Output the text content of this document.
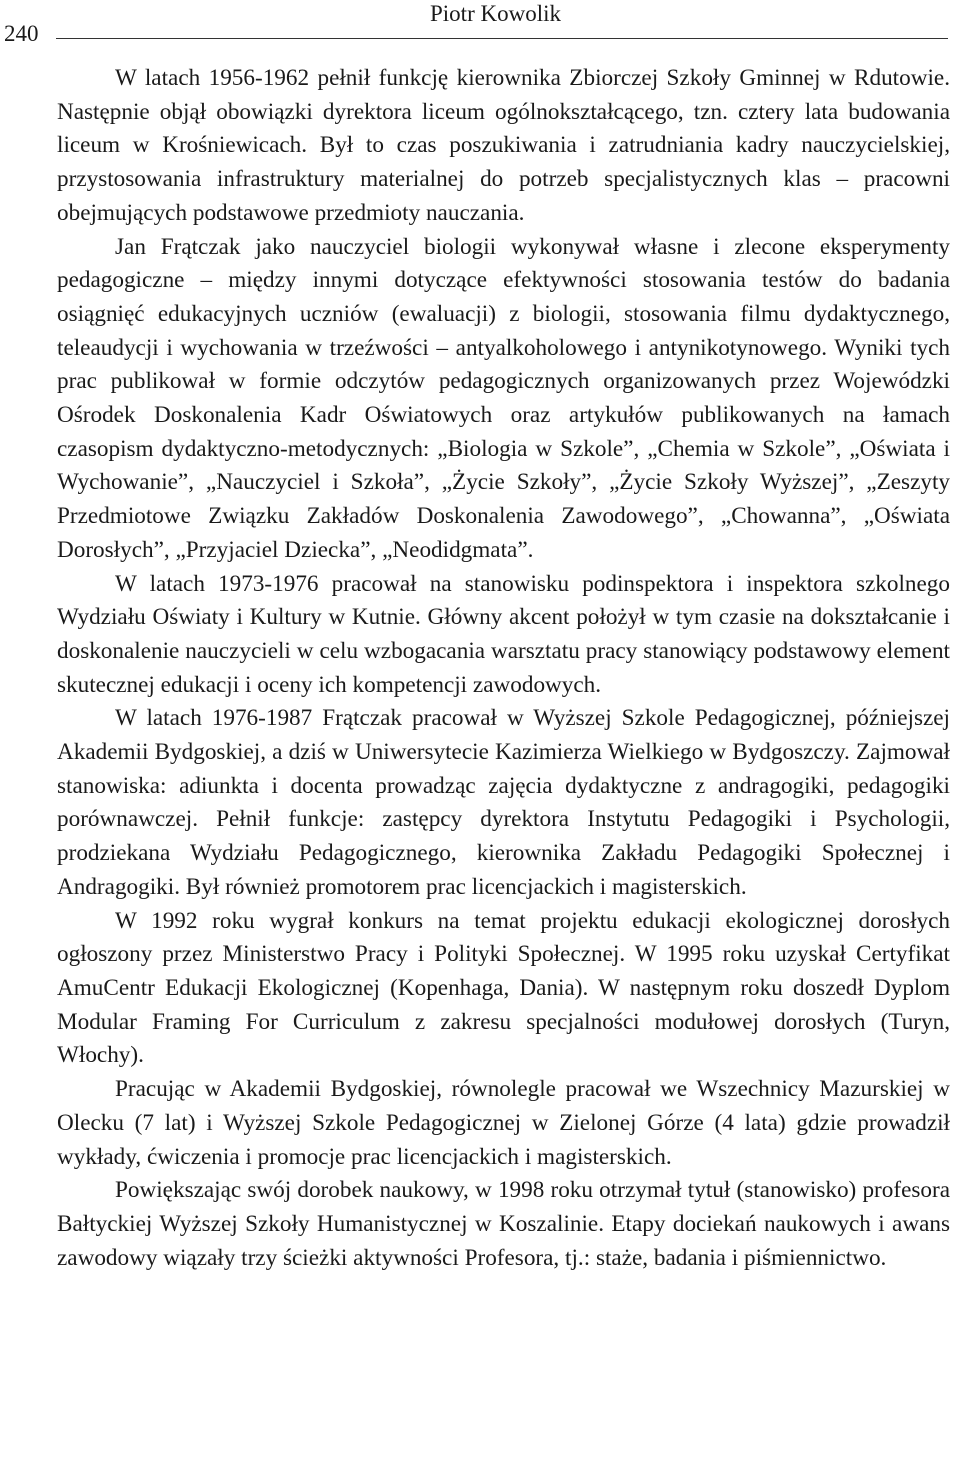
240
Piotr Kowolik

W latach 1956-1962 pełnił funkcję kierownika Zbiorczej Szkoły Gminnej w Rdutowie. Następnie objął obowiązki dyrektora liceum ogólnokształcącego, tzn. cztery lata budowania liceum w Krośniewicach. Był to czas poszukiwania i zatrudniania kadry nauczycielskiej, przystosowania infrastruktury materialnej do potrzeb specjalistycznych klas – pracowni obejmujących podstawowe przedmioty nauczania.

Jan Frątczak jako nauczyciel biologii wykonywał własne i zlecone eksperymenty pedagogiczne – między innymi dotyczące efektywności stosowania testów do badania osiągnięć edukacyjnych uczniów (ewaluacji) z biologii, stosowania filmu dydaktycznego, teleaudycji i wychowania w trzeźwości – antyalkoholowego i antynikotynowego. Wyniki tych prac publikował w formie odczytów pedagogicznych organizowanych przez Wojewódzki Ośrodek Doskonalenia Kadr Oświatowych oraz artykułów publikowanych na łamach czasopism dydaktyczno-metodycznych: „Biologia w Szkole”, „Chemia w Szkole”, „Oświata i Wychowanie”, „Nauczyciel i Szkoła”, „Życie Szkoły”, „Życie Szkoły Wyższej”, „Zeszyty Przedmiotowe Związku Zakładów Doskonalenia Zawodowego”, „Chowanna”, „Oświata Dorosłych”, „Przyjaciel Dziecka”, „Neodidgmata”.

W latach 1973-1976 pracował na stanowisku podinspektora i inspektora szkolnego Wydziału Oświaty i Kultury w Kutnie. Główny akcent położył w tym czasie na dokształcanie i doskonalenie nauczycieli w celu wzbogacania warsztatu pracy stanowiący podstawowy element skutecznej edukacji i oceny ich kompetencji zawodowych.

W latach 1976-1987 Frątczak pracował w Wyższej Szkole Pedagogicznej, późniejszej Akademii Bydgoskiej, a dziś w Uniwersytecie Kazimierza Wielkiego w Bydgoszczy. Zajmował stanowiska: adiunkta i docenta prowadząc zajęcia dydaktyczne z andragogiki, pedagogiki porównawczej. Pełnił funkcje: zastępcy dyrektora Instytutu Pedagogiki i Psychologii, prodziekana Wydziału Pedagogicznego, kierownika Zakładu Pedagogiki Społecznej i Andragogiki. Był również promotorem prac licencjackich i magisterskich.

W 1992 roku wygrał konkurs na temat projektu edukacji ekologicznej dorosłych ogłoszony przez Ministerstwo Pracy i Polityki Społecznej. W 1995 roku uzyskał Certyfikat AmuCentr Edukacji Ekologicznej (Kopenhaga, Dania). W następnym roku doszedł Dyplom Modular Framing For Curriculum z zakresu specjalności modułowej dorosłych (Turyn, Włochy).

Pracując w Akademii Bydgoskiej, równolegle pracował we Wszechnicy Mazurskiej w Olecku (7 lat) i Wyższej Szkole Pedagogicznej w Zielonej Górze (4 lata) gdzie prowadził wykłady, ćwiczenia i promocje prac licencjackich i magisterskich.

Powiększając swój dorobek naukowy, w 1998 roku otrzymał tytuł (stanowisko) profesora Bałtyckiej Wyższej Szkoły Humanistycznej w Koszalinie. Etapy dociekań naukowych i awans zawodowy wiązały trzy ścieżki aktywności Profesora, tj.: staże, badania i piśmiennictwo.
